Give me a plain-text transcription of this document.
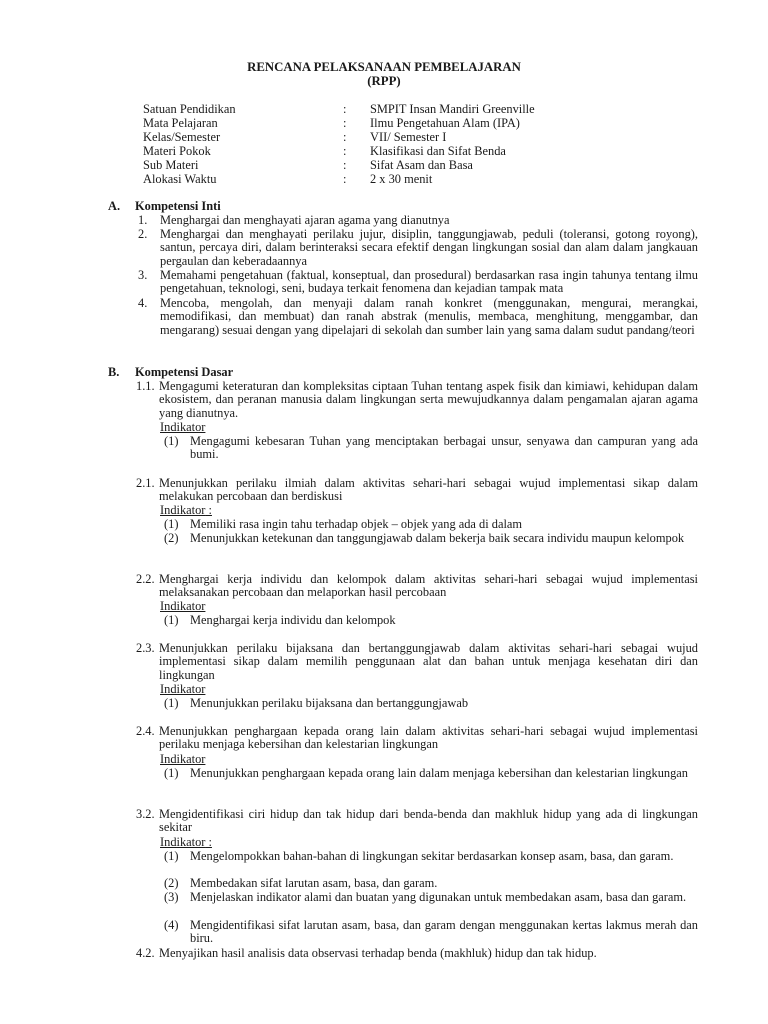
RENCANA PELAKSANAAN PEMBELAJARAN
(RPP)
Satuan Pendidikan	: SMPIT Insan Mandiri Greenville
Mata Pelajaran	: Ilmu Pengetahuan Alam (IPA)
Kelas/Semester	: VII/ Semester I
Materi Pokok	: Klasifikasi dan Sifat Benda
Sub Materi	: Sifat Asam dan Basa
Alokasi Waktu	: 2 x 30 menit
A. Kompetensi Inti
1. Menghargai dan menghayati ajaran agama yang dianutnya
2. Menghargai dan menghayati perilaku jujur, disiplin, tanggungjawab, peduli (toleransi, gotong royong), santun, percaya diri, dalam berinteraksi secara efektif dengan lingkungan sosial dan alam dalam jangkauan pergaulan dan keberadaannya
3. Memahami pengetahuan (faktual, konseptual, dan prosedural) berdasarkan rasa ingin tahunya tentang ilmu pengetahuan, teknologi, seni, budaya terkait fenomena dan kejadian tampak mata
4. Mencoba, mengolah, dan menyaji dalam ranah konkret (menggunakan, mengurai, merangkai, memodifikasi, dan membuat) dan ranah abstrak (menulis, membaca, menghitung, menggambar, dan mengarang) sesuai dengan yang dipelajari di sekolah dan sumber lain yang sama dalam sudut pandang/teori
B. Kompetensi Dasar
1.1. Mengagumi keteraturan dan kompleksitas ciptaan Tuhan tentang aspek fisik dan kimiawi, kehidupan dalam ekosistem, dan peranan manusia dalam lingkungan serta mewujudkannya dalam pengamalan ajaran agama yang dianutnya.
Indikator
(1) Mengagumi kebesaran Tuhan yang menciptakan berbagai unsur, senyawa dan campuran yang ada bumi.
2.1. Menunjukkan perilaku ilmiah dalam aktivitas sehari-hari sebagai wujud implementasi sikap dalam melakukan percobaan dan berdiskusi
Indikator :
(1) Memiliki rasa ingin tahu terhadap objek – objek yang ada di dalam
(2) Menunjukkan ketekunan dan tanggungjawab dalam bekerja baik secara individu maupun kelompok
2.2. Menghargai kerja individu dan kelompok dalam aktivitas sehari-hari sebagai wujud implementasi melaksanakan percobaan dan melaporkan hasil percobaan
Indikator
(1) Menghargai kerja individu dan kelompok
2.3. Menunjukkan perilaku bijaksana dan bertanggungjawab dalam aktivitas sehari-hari sebagai wujud implementasi sikap dalam memilih penggunaan alat dan bahan untuk menjaga kesehatan diri dan lingkungan
Indikator
(1) Menunjukkan perilaku bijaksana dan bertanggungjawab
2.4. Menunjukkan penghargaan kepada orang lain dalam aktivitas sehari-hari sebagai wujud implementasi perilaku menjaga kebersihan dan kelestarian lingkungan
Indikator
(1) Menunjukkan penghargaan kepada orang lain dalam menjaga kebersihan dan kelestarian lingkungan
3.2. Mengidentifikasi ciri hidup dan tak hidup dari benda-benda dan makhluk hidup yang ada di lingkungan sekitar
Indikator :
(1) Mengelompokkan bahan-bahan di lingkungan sekitar berdasarkan konsep asam, basa, dan garam.
(2) Membedakan sifat larutan asam, basa, dan garam.
(3) Menjelaskan indikator alami dan buatan yang digunakan untuk membedakan asam, basa dan garam.
(4) Mengidentifikasi sifat larutan asam, basa, dan garam dengan menggunakan kertas lakmus merah dan biru.
4.2. Menyajikan hasil analisis data observasi terhadap benda (makhluk) hidup dan tak hidup.
